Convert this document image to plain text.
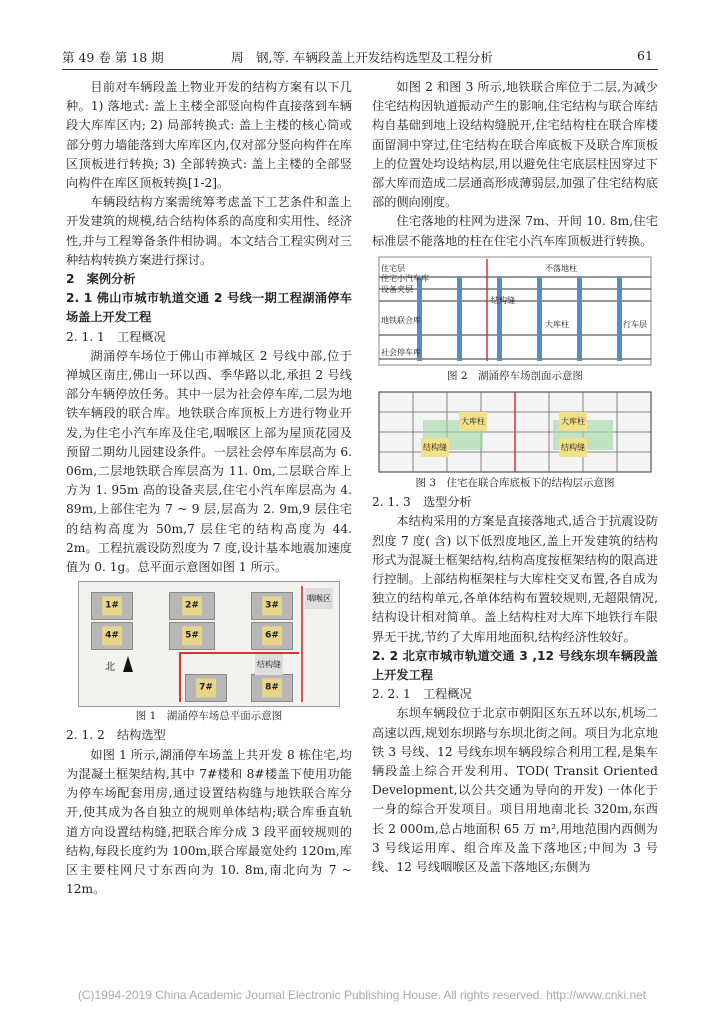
第 49 卷 第 18 期	周　钢,等. 车辆段盖上开发结构选型及工程分析	61

目前对车辆段盖上物业开发的结构方案有以下几种。1) 落地式: 盖上主楼全部竖向构件直接落到车辆段大库库区内; 2) 局部转换式: 盖上主楼的核心筒或部分剪力墙能落到大库库区内,仅对部分竖向构件在库区顶板进行转换; 3) 全部转换式: 盖上主楼的全部竖向构件在库区顶板转换[1-2]。

车辆段结构方案需统筹考虑盖下工艺条件和盖上开发建筑的规模,结合结构体系的高度和实用性、经济性,并与工程筹备条件相协调。本文结合工程实例对三种结构转换方案进行探讨。

2　案例分析

2. 1 佛山市城市轨道交通 2 号线一期工程湖涌停车场盖上开发工程

2. 1. 1　工程概况

湖涌停车场位于佛山市禅城区 2 号线中部,位于禅城区南庄,佛山一环以西、季华路以北,承担 2 号线部分车辆停放任务。其中一层为社会停车库,二层为地铁车辆段的联合库。地铁联合库顶板上方进行物业开发,为住宅小汽车库及住宅,咽喉区上部为屋顶花园及预留二期幼儿园建设条件。一层社会停车库层高为 6. 06m,二层地铁联合库层高为 11. 0m,二层联合库上方为 1. 95m 高的设备夹层,住宅小汽车库层高为 4. 89m,上部住宅为 7 ~ 9 层,层高为 2. 9m,9 层住宅的结构高度为 50m,7 层住宅的结构高度为 44. 2m。工程抗震设防烈度为 7 度,设计基本地震加速度值为 0. 1g。总平面示意图如图 1 所示。

1#	2#	3#
4#	5#	6#
7#	8#
咽喉区
结构缝
北

图 1　湖涌停车场总平面示意图

2. 1. 2　结构选型

如图 1 所示,湖涌停车场盖上共开发 8 栋住宅,均为混凝土框架结构,其中 7#楼和 8#楼盖下使用功能为停车场配套用房,通过设置结构缝与地铁联合库分开,使其成为各自独立的规则单体结构;联合库垂直轨道方向设置结构缝,把联合库分成 3 段平面较规则的结构,每段长度约为 100m,联合库最宽处约 120m,库区主要柱网尺寸东西向为 10. 8m,南北向为 7 ~ 12m。

如图 2 和图 3 所示,地铁联合库位于二层,为减少住宅结构因轨道振动产生的影响,住宅结构与联合库结构自基础到地上设结构缝脱开,住宅结构柱在联合库楼面留洞中穿过,住宅结构在联合库底板下及联合库顶板上的位置处均设结构层,用以避免住宅底层柱因穿过下部大库而造成二层通高形成薄弱层,加强了住宅结构底部的侧向刚度。

住宅落地的柱网为进深 7m、开间 10. 8m,住宅标准层不能落地的柱在住宅小汽车库顶板进行转换。

住宅层
住宅小汽车库
设备夹层
地铁联合库
社会停车库
结构缝
不落地柱
大库柱	行车层

图 2　湖涌停车场剖面示意图

大库柱	大库柱
结构缝	结构缝

图 3　住宅在联合库底板下的结构层示意图

2. 1. 3　选型分析

本结构采用的方案是直接落地式,适合于抗震设防烈度 7 度( 含) 以下低烈度地区,盖上开发建筑的结构形式为混凝土框架结构,结构高度按框架结构的限高进行控制。上部结构框架柱与大库柱交叉布置,各自成为独立的结构单元,各单体结构布置较规则,无超限情况,结构设计相对简单。盖上结构柱对大库下地铁行车限界无干扰,节约了大库用地面积,结构经济性较好。

2. 2 北京市城市轨道交通 3 ,12 号线东坝车辆段盖上开发工程

2. 2. 1　工程概况

东坝车辆段位于北京市朝阳区东五环以东,机场二高速以西,规划东坝路与东坝北街之间。项目为北京地铁 3 号线、12 号线东坝车辆段综合利用工程,是集车辆段盖上综合开发利用、TOD( Transit Oriented Development,以公共交通为导向的开发) 一体化于一身的综合开发项目。项目用地南北长 320m,东西长 2 000m,总占地面积 65 万 m²,用地范围内西侧为 3 号线运用库、组合库及盖下落地区;中间为 3 号线、12 号线咽喉区及盖下落地区;东侧为

(C)1994-2019 China Academic Journal Electronic Publishing House. All rights reserved. http://www.cnki.net
